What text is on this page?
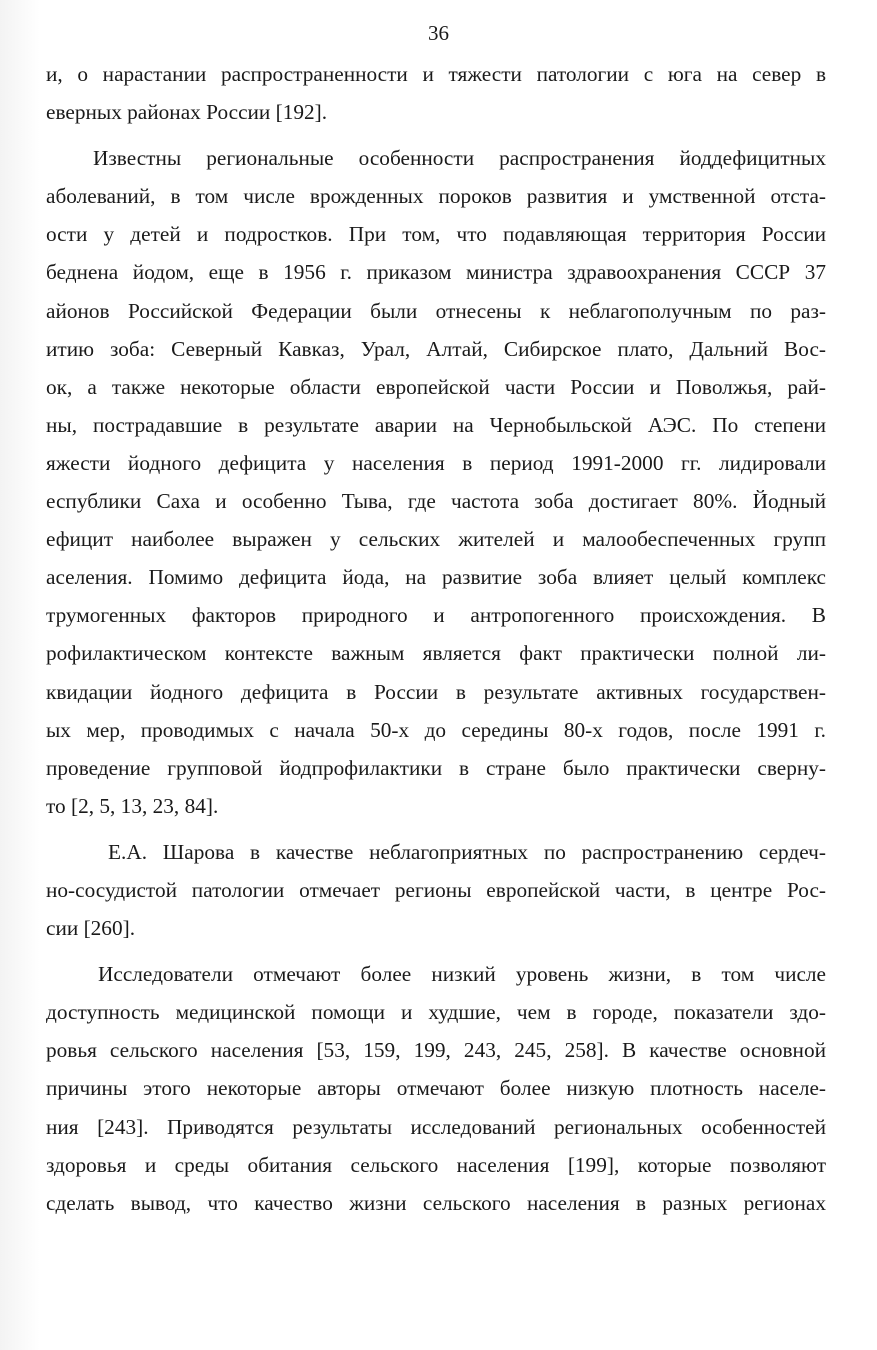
36
и, о нарастании распространенности и тяжести патологии с юга на север в
еверных районах России [192].
Известны региональные особенности распространения йоддефицитных
аболеваний, в том числе врожденных пороков развития и умственной отста-
ости у детей и подростков. При том, что подавляющая территория России
беднена йодом, еще в 1956 г. приказом министра здравоохранения СССР 37
айонов Российской Федерации были отнесены к неблагополучным по раз-
итию зоба: Северный Кавказ, Урал, Алтай, Сибирское плато, Дальний Вос-
ок, а также некоторые области европейской части России и Поволжья, рай-
ны, пострадавшие в результате аварии на Чернобыльской АЭС. По степени
яжести йодного дефицита у населения в период 1991-2000 гг. лидировали
еспублики Саха и особенно Тыва, где частота зоба достигает 80%. Йодный
ефицит наиболее выражен у сельских жителей и малообеспеченных групп
аселения. Помимо дефицита йода, на развитие зоба влияет целый комплекс
трумогенных факторов природного и антропогенного происхождения. В
рофилактическом контексте важным является факт практически полной ли-
квидации йодного дефицита в России в результате активных государствен-
ых мер, проводимых с начала 50-х до середины 80-х годов, после 1991 г.
проведение групповой йодпрофилактики в стране было практически сверну-
то [2, 5, 13, 23, 84].
Е.А. Шарова в качестве неблагоприятных по распространению сердеч-
но-сосудистой патологии отмечает регионы европейской части, в центре Рос-
сии [260].
Исследователи отмечают более низкий уровень жизни, в том числе
доступность медицинской помощи и худшие, чем в городе, показатели здо-
ровья сельского населения [53, 159, 199, 243, 245, 258]. В качестве основной
причины этого некоторые авторы отмечают более низкую плотность населе-
ния [243]. Приводятся результаты исследований региональных особенностей
здоровья и среды обитания сельского населения [199], которые позволяют
сделать вывод, что качество жизни сельского населения в разных регионах
